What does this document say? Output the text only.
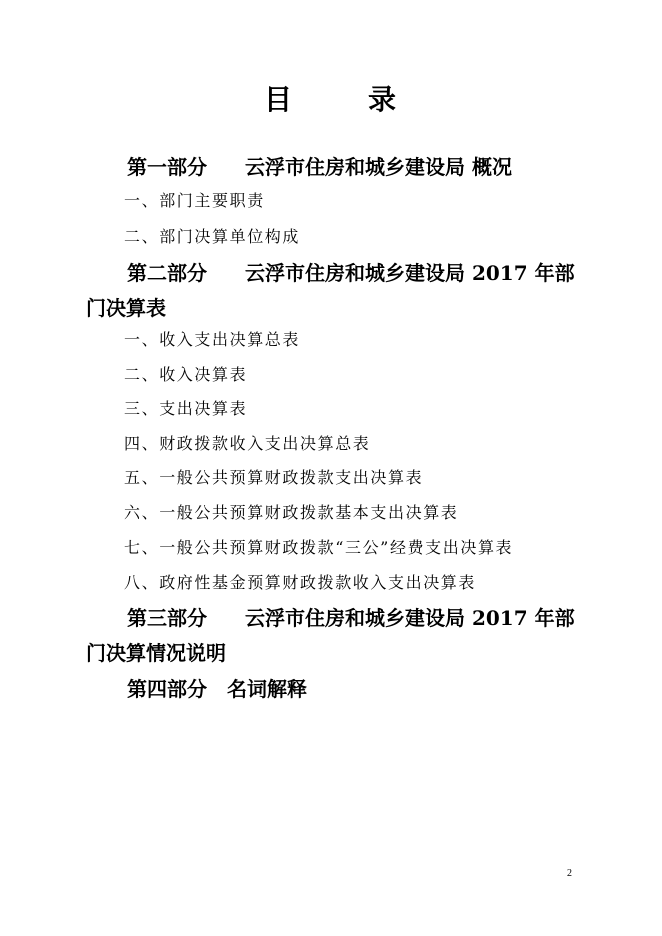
目	录
第一部分 云浮市住房和城乡建设局 概况
一、部门主要职责
二、部门决算单位构成
第二部分 云浮市住房和城乡建设局 2017 年部
门决算表
一、收入支出决算总表
二、收入决算表
三、支出决算表
四、财政拨款收入支出决算总表
五、一般公共预算财政拨款支出决算表
六、一般公共预算财政拨款基本支出决算表
七、一般公共预算财政拨款“三公”经费支出决算表
八、政府性基金预算财政拨款收入支出决算表
第三部分 云浮市住房和城乡建设局 2017 年部
门决算情况说明
第四部分 名词解释
2
